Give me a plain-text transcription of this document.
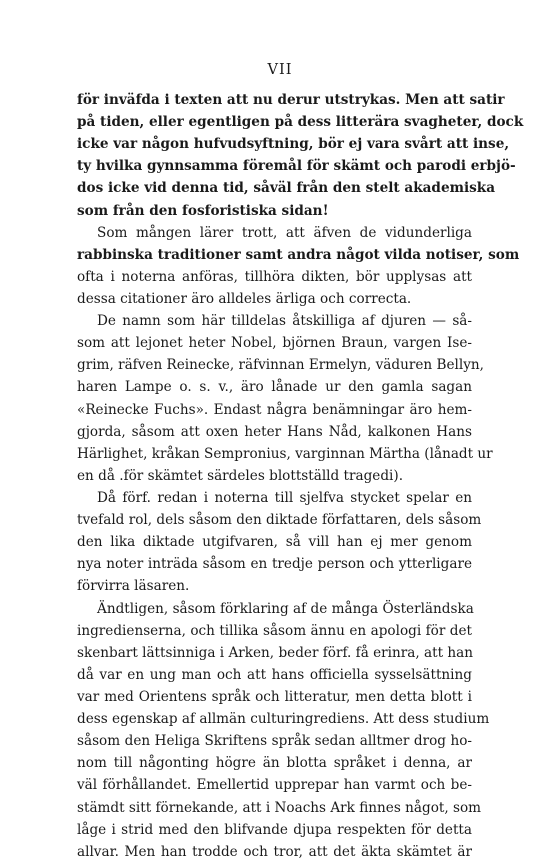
VII
för inväfda i texten att nu derur utstrykas. Men att satir
på tiden, eller egentligen på dess litterära svagheter, dock
icke var någon hufvudsyftning, bör ej vara svårt att inse,
ty hvilka gynnsamma föremål för skämt och parodi erbjö-
dos icke vid denna tid, såväl från den stelt akademiska
som från den fosforistiska sidan!
Som mången lärer trott, att äfven de vidunderliga
rabbinska traditioner samt andra något vilda notiser, som
ofta i noterna anföras, tillhöra dikten, bör upplysas att
dessa citationer äro alldeles ärliga och correcta.
De namn som här tilldelas åtskilliga af djuren — så-
som att lejonet heter Nobel, björnen Braun, vargen Ise-
grim, räfven Reinecke, räfvinnan Ermelyn, väduren Bellyn,
haren Lampe o. s. v., äro lånade ur den gamla sagan
«Reinecke Fuchs». Endast några benämningar äro hem-
gjorda, såsom att oxen heter Hans Nåd, kalkonen Hans
Härlighet, kråkan Sempronius, varginnan Märtha (lånadt ur
en då .för skämtet särdeles blottställd tragedi).
Då förf. redan i noterna till sjelfva stycket spelar en
tvefald rol, dels såsom den diktade författaren, dels såsom
den lika diktade utgifvaren, så vill han ej mer genom
nya noter inträda såsom en tredje person och ytterligare
förvirra läsaren.
Ändtligen, såsom förklaring af de många Österländska
ingredienserna, och tillika såsom ännu en apologi för det
skenbart lättsinniga i Arken, beder förf. få erinra, att han
då var en ung man och att hans officiella sysselsättning
var med Orientens språk och litteratur, men detta blott i
dess egenskap af allmän culturingrediens. Att dess studium
såsom den Heliga Skriftens språk sedan alltmer drog ho-
nom till någonting högre än blotta språket i denna, ar
väl förhållandet. Emellertid upprepar han varmt och be-
stämdt sitt förnekande, att i Noachs Ark finnes något, som
låge i strid med den blifvande djupa respekten för detta
allvar. Men han trodde och tror, att det äkta skämtet är
